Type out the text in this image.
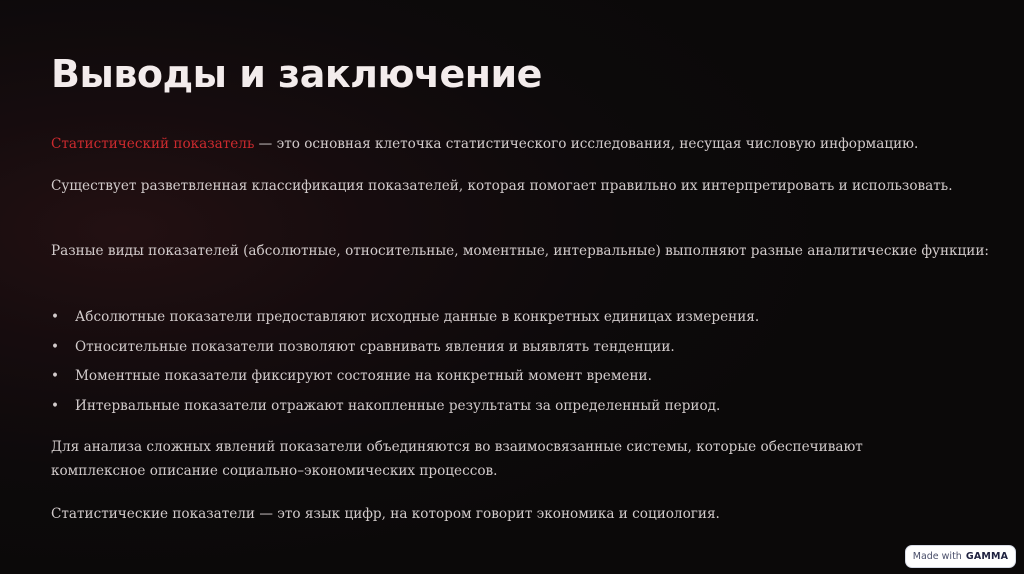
Выводы и заключение

Статистический показатель — это основная клеточка статистического исследования, несущая числовую информацию.

Существует разветвленная классификация показателей, которая помогает правильно их интерпретировать и использовать.

Разные виды показателей (абсолютные, относительные, моментные, интервальные) выполняют разные аналитические функции:

•	Абсолютные показатели предоставляют исходные данные в конкретных единицах измерения.
•	Относительные показатели позволяют сравнивать явления и выявлять тенденции.
•	Моментные показатели фиксируют состояние на конкретный момент времени.
•	Интервальные показатели отражают накопленные результаты за определенный период.

Для анализа сложных явлений показатели объединяются во взаимосвязанные системы, которые обеспечивают комплексное описание социально–экономических процессов.

Статистические показатели — это язык цифр, на котором говорит экономика и социология.

Made with GAMMA
